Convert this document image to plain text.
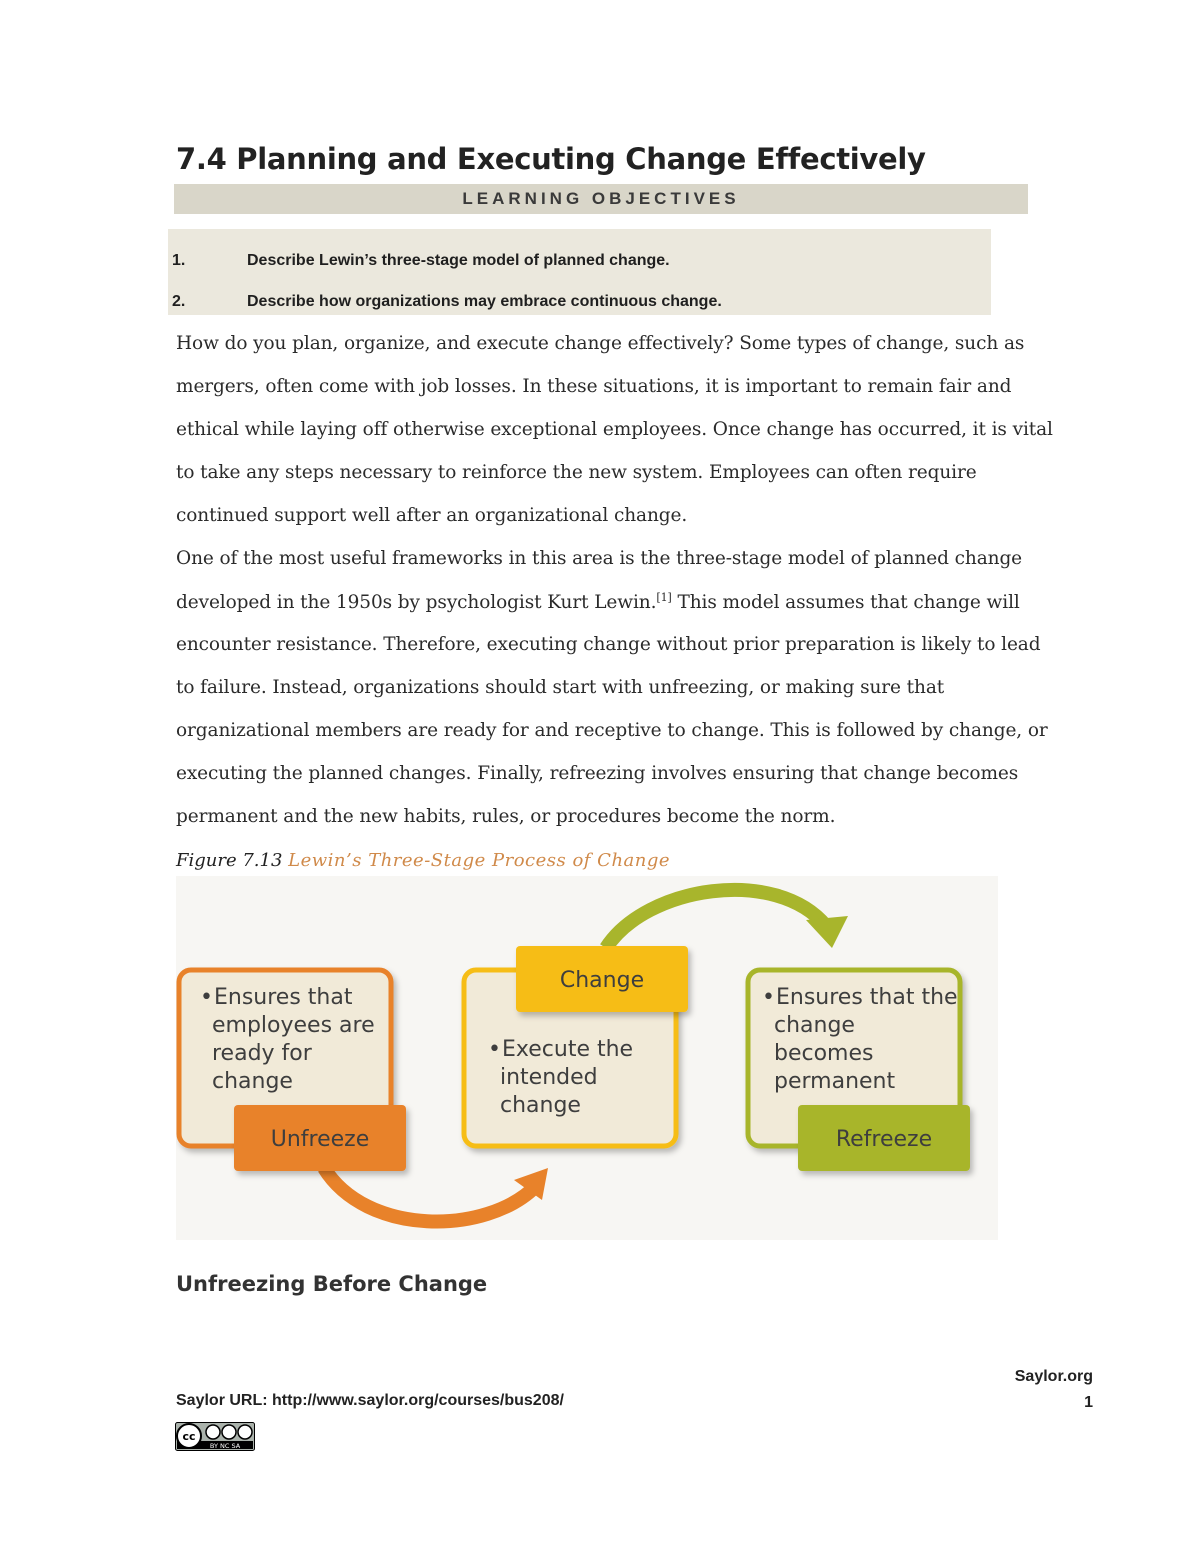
7.4 Planning and Executing Change Effectively
LEARNING OBJECTIVES
1.	Describe Lewin’s three-stage model of planned change.
2.	Describe how organizations may embrace continuous change.
How do you plan, organize, and execute change effectively? Some types of change, such as
mergers, often come with job losses. In these situations, it is important to remain fair and
ethical while laying off otherwise exceptional employees. Once change has occurred, it is vital
to take any steps necessary to reinforce the new system. Employees can often require
continued support well after an organizational change.
One of the most useful frameworks in this area is the three-stage model of planned change
developed in the 1950s by psychologist Kurt Lewin.[1] This model assumes that change will
encounter resistance. Therefore, executing change without prior preparation is likely to lead
to failure. Instead, organizations should start with unfreezing, or making sure that
organizational members are ready for and receptive to change. This is followed by change, or
executing the planned changes. Finally, refreezing involves ensuring that change becomes
permanent and the new habits, rules, or procedures become the norm.
Figure 7.13 Lewin’s Three-Stage Process of Change
• Ensures that employees are ready for change
Unfreeze
Change
• Execute the intended change
• Ensures that the change becomes permanent
Refreeze
Unfreezing Before Change
Saylor.org
Saylor URL: http://www.saylor.org/courses/bus208/	1
cc
BY NC SA
